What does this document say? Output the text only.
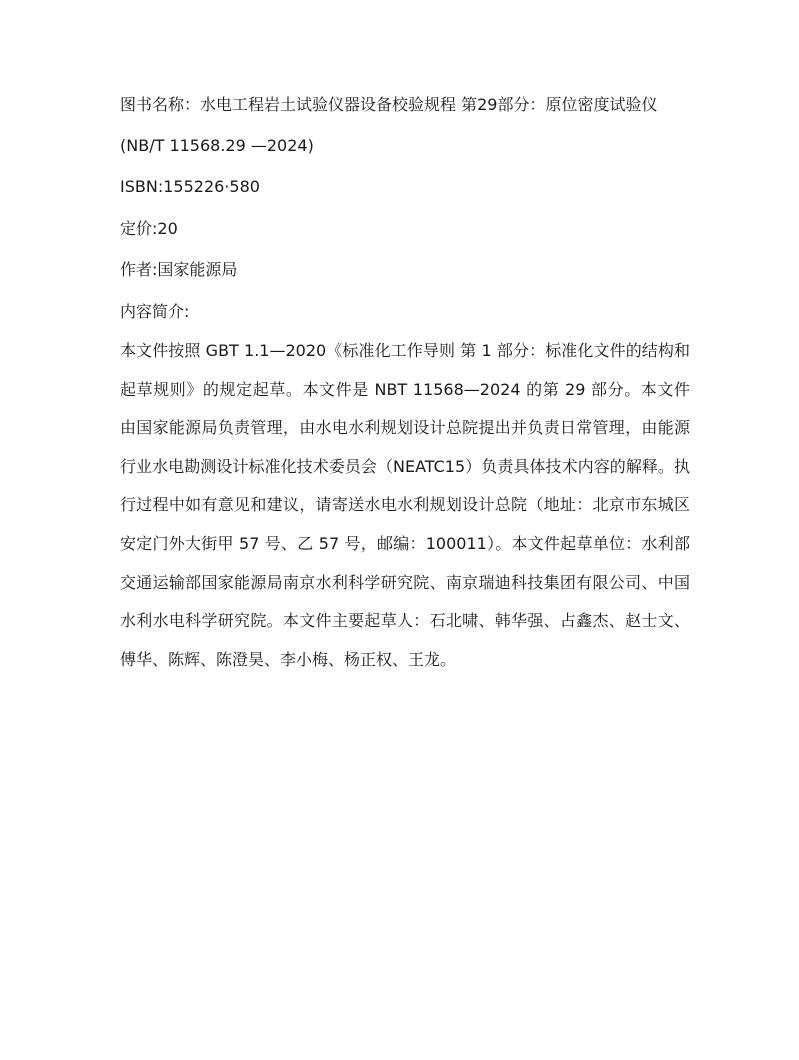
图书名称：水电工程岩土试验仪器设备校验规程 第29部分：原位密度试验仪 (NB/T 11568.29 —2024)
ISBN:155226·580
定价:20
作者:国家能源局
内容简介:
本文件按照 GBT 1.1—2020《标准化工作导则 第 1 部分：标准化文件的结构和起草规则》的规定起草。本文件是 NBT 11568—2024 的第 29 部分。本文件由国家能源局负责管理，由水电水利规划设计总院提出并负责日常管理，由能源行业水电勘测设计标准化技术委员会（NEATC15）负责具体技术内容的解释。执行过程中如有意见和建议，请寄送水电水利规划设计总院（地址：北京市东城区安定门外大街甲 57 号、乙 57 号，邮编：100011）。本文件起草单位：水利部交通运输部国家能源局南京水利科学研究院、南京瑞迪科技集团有限公司、中国水利水电科学研究院。本文件主要起草人：石北啸、韩华强、占鑫杰、赵士文、傅华、陈辉、陈澄昊、李小梅、杨正权、王龙。
